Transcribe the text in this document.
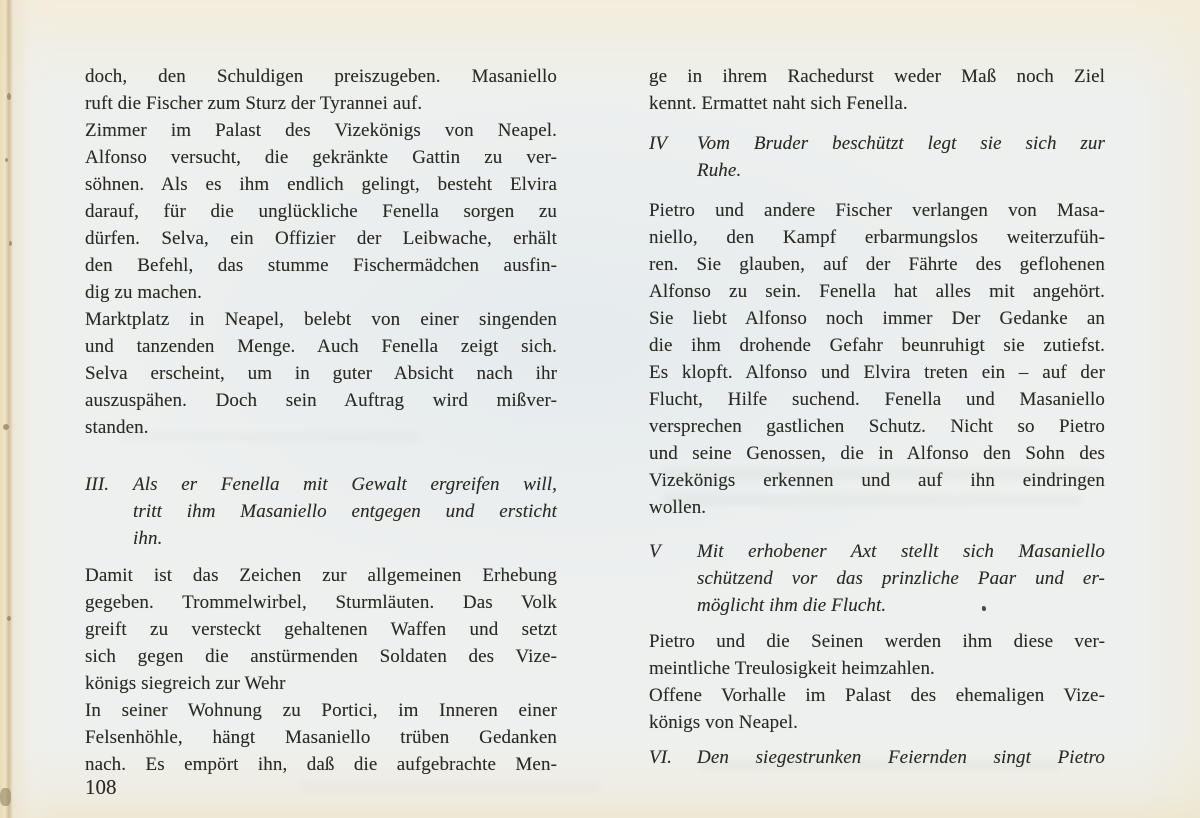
doch, den Schuldigen preiszugeben. Masaniello
ruft die Fischer zum Sturz der Tyrannei auf.
Zimmer im Palast des Vizekönigs von Neapel.
Alfonso versucht, die gekränkte Gattin zu ver-
söhnen. Als es ihm endlich gelingt, besteht Elvira
darauf, für die unglückliche Fenella sorgen zu
dürfen. Selva, ein Offizier der Leibwache, erhält
den Befehl, das stumme Fischermädchen ausfin-
dig zu machen.
Marktplatz in Neapel, belebt von einer singenden
und tanzenden Menge. Auch Fenella zeigt sich.
Selva erscheint, um in guter Absicht nach ihr
auszuspähen. Doch sein Auftrag wird mißver-
standen.
III.	Als er Fenella mit Gewalt ergreifen will,
tritt ihm Masaniello entgegen und ersticht
ihn.
Damit ist das Zeichen zur allgemeinen Erhebung
gegeben. Trommelwirbel, Sturmläuten. Das Volk
greift zu versteckt gehaltenen Waffen und setzt
sich gegen die anstürmenden Soldaten des Vize-
königs siegreich zur Wehr
In seiner Wohnung zu Portici, im Inneren einer
Felsenhöhle, hängt Masaniello trüben Gedanken
nach. Es empört ihn, daß die aufgebrachte Men-
ge in ihrem Rachedurst weder Maß noch Ziel
kennt. Ermattet naht sich Fenella.
IV	Vom Bruder beschützt legt sie sich zur
Ruhe.
Pietro und andere Fischer verlangen von Masa-
niello, den Kampf erbarmungslos weiterzufüh-
ren. Sie glauben, auf der Fährte des geflohenen
Alfonso zu sein. Fenella hat alles mit angehört.
Sie liebt Alfonso noch immer Der Gedanke an
die ihm drohende Gefahr beunruhigt sie zutiefst.
Es klopft. Alfonso und Elvira treten ein – auf der
Flucht, Hilfe suchend. Fenella und Masaniello
versprechen gastlichen Schutz. Nicht so Pietro
und seine Genossen, die in Alfonso den Sohn des
Vizekönigs erkennen und auf ihn eindringen
wollen.
V	Mit erhobener Axt stellt sich Masaniello
schützend vor das prinzliche Paar und er-
möglicht ihm die Flucht.
Pietro und die Seinen werden ihm diese ver-
meintliche Treulosigkeit heimzahlen.
Offene Vorhalle im Palast des ehemaligen Vize-
königs von Neapel.
VI.	Den siegestrunken Feiernden singt Pietro
108
